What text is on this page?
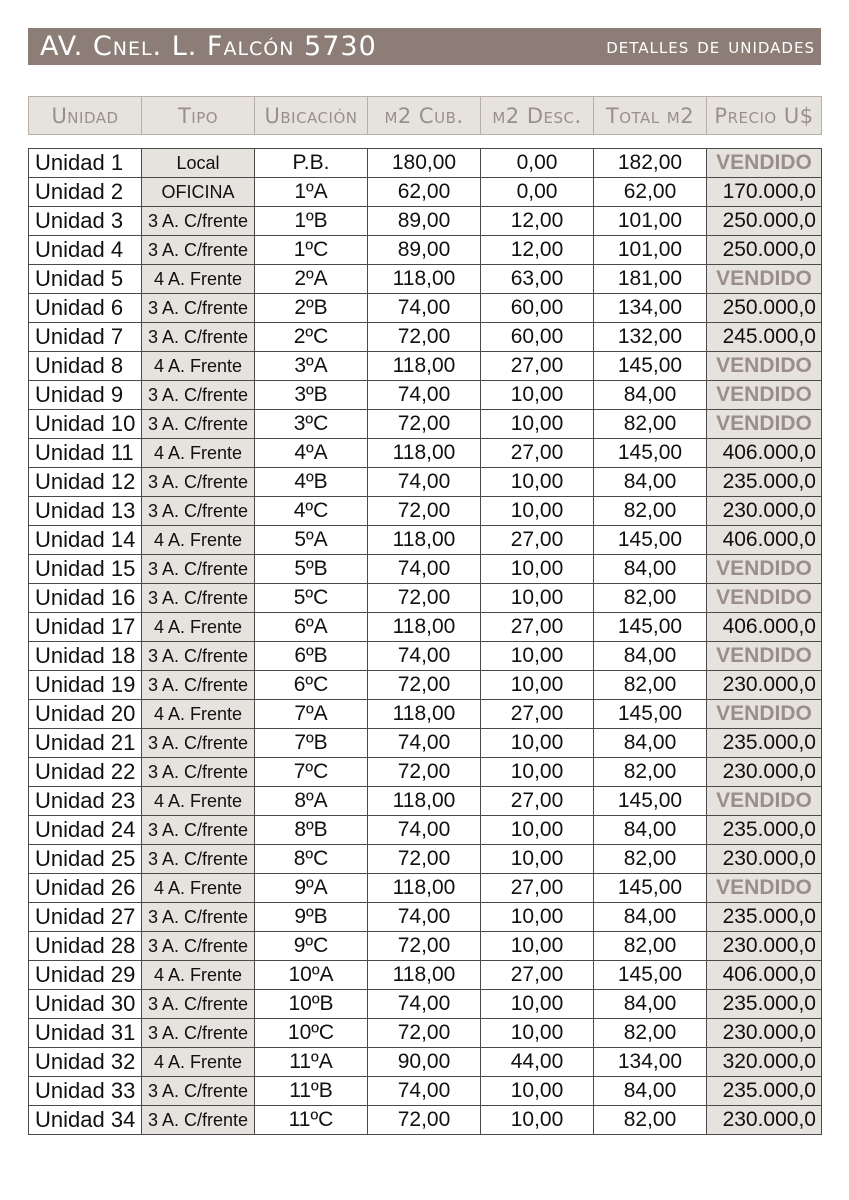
AV. Cnel. L. Falcón 5730	detalles de unidades
Unidad	Tipo	Ubicación	m2 Cub.	m2 Desc.	Total m2	Precio U$
Unidad 1	Local	P.B.	180,00	0,00	182,00	VENDIDO
Unidad 2	OFICINA	1ºA	62,00	0,00	62,00	170.000,0
Unidad 3	3 A. C/frente	1ºB	89,00	12,00	101,00	250.000,0
Unidad 4	3 A. C/frente	1ºC	89,00	12,00	101,00	250.000,0
Unidad 5	4 A. Frente	2ºA	118,00	63,00	181,00	VENDIDO
Unidad 6	3 A. C/frente	2ºB	74,00	60,00	134,00	250.000,0
Unidad 7	3 A. C/frente	2ºC	72,00	60,00	132,00	245.000,0
Unidad 8	4 A. Frente	3ºA	118,00	27,00	145,00	VENDIDO
Unidad 9	3 A. C/frente	3ºB	74,00	10,00	84,00	VENDIDO
Unidad 10	3 A. C/frente	3ºC	72,00	10,00	82,00	VENDIDO
Unidad 11	4 A. Frente	4ºA	118,00	27,00	145,00	406.000,0
Unidad 12	3 A. C/frente	4ºB	74,00	10,00	84,00	235.000,0
Unidad 13	3 A. C/frente	4ºC	72,00	10,00	82,00	230.000,0
Unidad 14	4 A. Frente	5ºA	118,00	27,00	145,00	406.000,0
Unidad 15	3 A. C/frente	5ºB	74,00	10,00	84,00	VENDIDO
Unidad 16	3 A. C/frente	5ºC	72,00	10,00	82,00	VENDIDO
Unidad 17	4 A. Frente	6ºA	118,00	27,00	145,00	406.000,0
Unidad 18	3 A. C/frente	6ºB	74,00	10,00	84,00	VENDIDO
Unidad 19	3 A. C/frente	6ºC	72,00	10,00	82,00	230.000,0
Unidad 20	4 A. Frente	7ºA	118,00	27,00	145,00	VENDIDO
Unidad 21	3 A. C/frente	7ºB	74,00	10,00	84,00	235.000,0
Unidad 22	3 A. C/frente	7ºC	72,00	10,00	82,00	230.000,0
Unidad 23	4 A. Frente	8ºA	118,00	27,00	145,00	VENDIDO
Unidad 24	3 A. C/frente	8ºB	74,00	10,00	84,00	235.000,0
Unidad 25	3 A. C/frente	8ºC	72,00	10,00	82,00	230.000,0
Unidad 26	4 A. Frente	9ºA	118,00	27,00	145,00	VENDIDO
Unidad 27	3 A. C/frente	9ºB	74,00	10,00	84,00	235.000,0
Unidad 28	3 A. C/frente	9ºC	72,00	10,00	82,00	230.000,0
Unidad 29	4 A. Frente	10ºA	118,00	27,00	145,00	406.000,0
Unidad 30	3 A. C/frente	10ºB	74,00	10,00	84,00	235.000,0
Unidad 31	3 A. C/frente	10ºC	72,00	10,00	82,00	230.000,0
Unidad 32	4 A. Frente	11ºA	90,00	44,00	134,00	320.000,0
Unidad 33	3 A. C/frente	11ºB	74,00	10,00	84,00	235.000,0
Unidad 34	3 A. C/frente	11ºC	72,00	10,00	82,00	230.000,0
